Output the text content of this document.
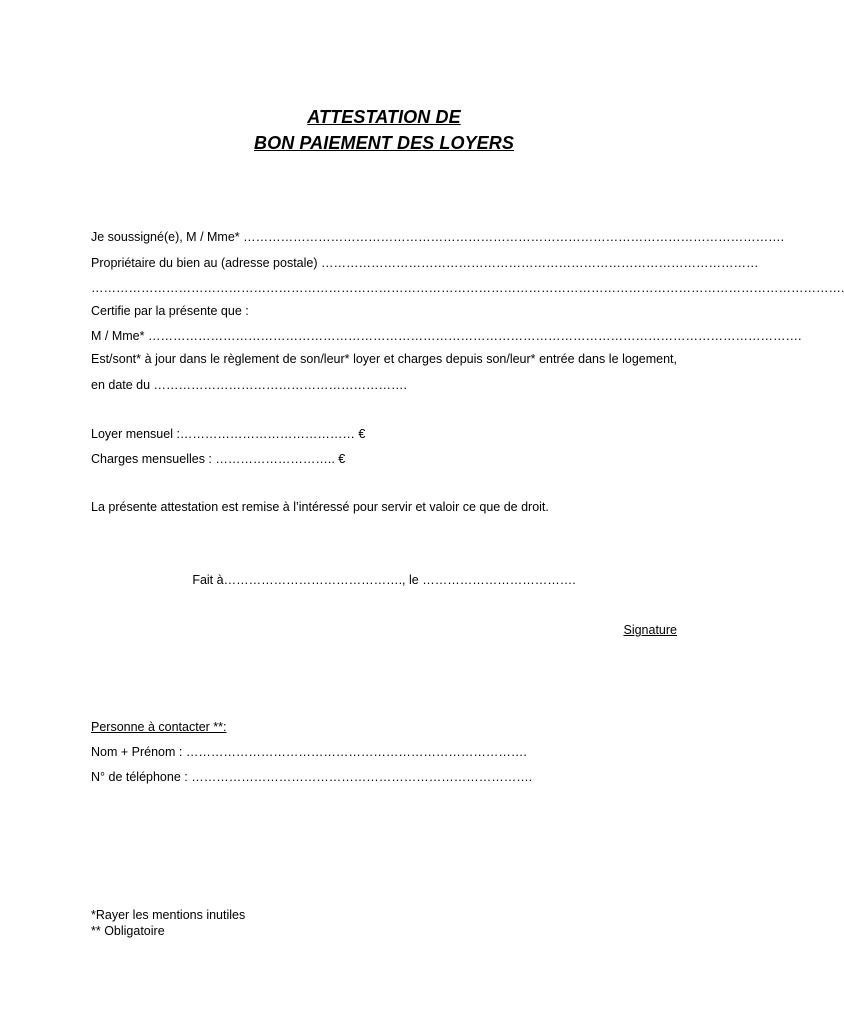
ATTESTATION DE
BON PAIEMENT DES LOYERS
Je soussigné(e), M / Mme* ………………………………………………………………………………………………………………….
Propriétaire du bien au (adresse postale) ……………………………………………………………………………………………
……………………………………………………………………………………………………………………………………………………………….
Certifie par la présente que :
M / Mme* ………………………………………………………………………………………………………………………………………….
Est/sont* à jour dans le règlement de son/leur* loyer et charges depuis son/leur* entrée dans le logement, en date du …………………………………………………….
Loyer mensuel :…………………………………… €
Charges mensuelles : ……………………….. €
La présente attestation est remise à l’intéressé pour servir et valoir ce que de droit.
Fait à……………………………………., le ……………………………….
Signature
Personne à contacter **:
Nom + Prénom : ……………………………………………………………………….
N° de téléphone : ……………………………………………………………………….
*Rayer les mentions inutiles
** Obligatoire
